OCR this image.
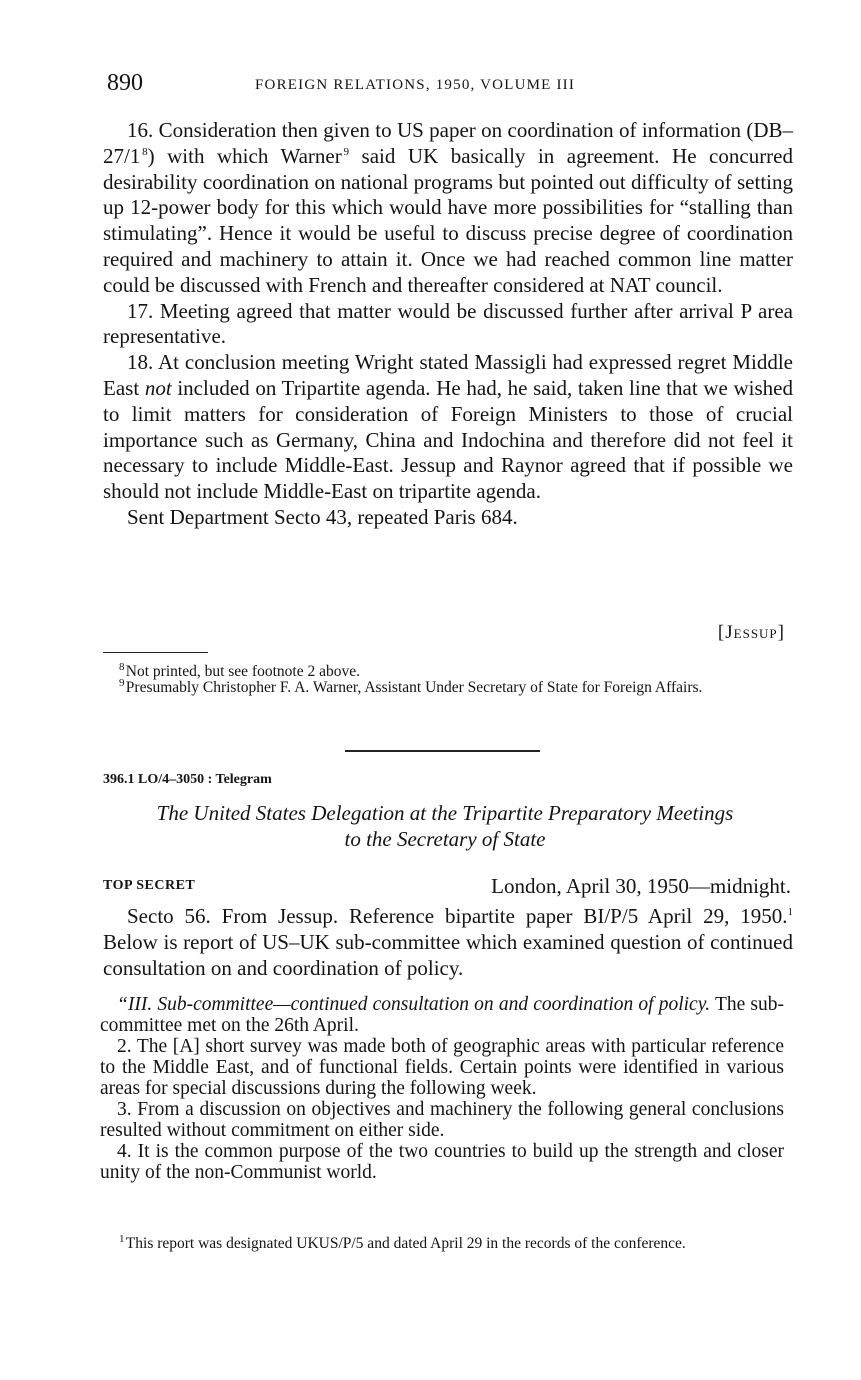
890	FOREIGN RELATIONS, 1950, VOLUME III

16. Consideration then given to US paper on coordination of information (DB–27/1  $^8$) with which Warner  $^9$ said UK basically in agreement. He concurred desirability coordination on national programs but pointed out difficulty of setting up 12-power body for this which would have more possibilities for “stalling than stimulating”. Hence it would be useful to discuss precise degree of coordination required and machinery to attain it. Once we had reached common line matter could be discussed with French and thereafter considered at NAT council.

17. Meeting agreed that matter would be discussed further after arrival P area representative.

18. At conclusion meeting Wright stated Massigli had expressed regret Middle East not included on Tripartite agenda. He had, he said, taken line that we wished to limit matters for consideration of Foreign Ministers to those of crucial importance such as Germany, China and Indochina and therefore did not feel it necessary to include Middle-East. Jessup and Raynor agreed that if possible we should not include Middle-East on tripartite agenda.

Sent Department Secto 43, repeated Paris 684.

[Jessup]

$^8$ Not printed, but see footnote 2 above.

$^9$ Presumably Christopher F. A. Warner, Assistant Under Secretary of State for Foreign Affairs.

396.1 LO/4–3050 : Telegram
The United States Delegation at the Tripartite Preparatory Meetings
to the Secretary of State
TOP SECRET	London, April 30, 1950—midnight.

Secto 56. From Jessup. Reference bipartite paper BI/P/5 April 29, 1950.$^1$ Below is report of US–UK sub-committee which examined question of continued consultation on and coordination of policy.

“III. Sub-committee—continued consultation on and coordination of policy. The sub-committee met on the 26th April.

2. The [A] short survey was made both of geographic areas with particular reference to the Middle East, and of functional fields. Certain points were identified in various areas for special discussions during the following week.

3. From a discussion on objectives and machinery the following general conclusions resulted without commitment on either side.

4. It is the common purpose of the two countries to build up the strength and closer unity of the non-Communist world.

$^1$ This report was designated UKUS/P/5 and dated April 29 in the records of the conference.
